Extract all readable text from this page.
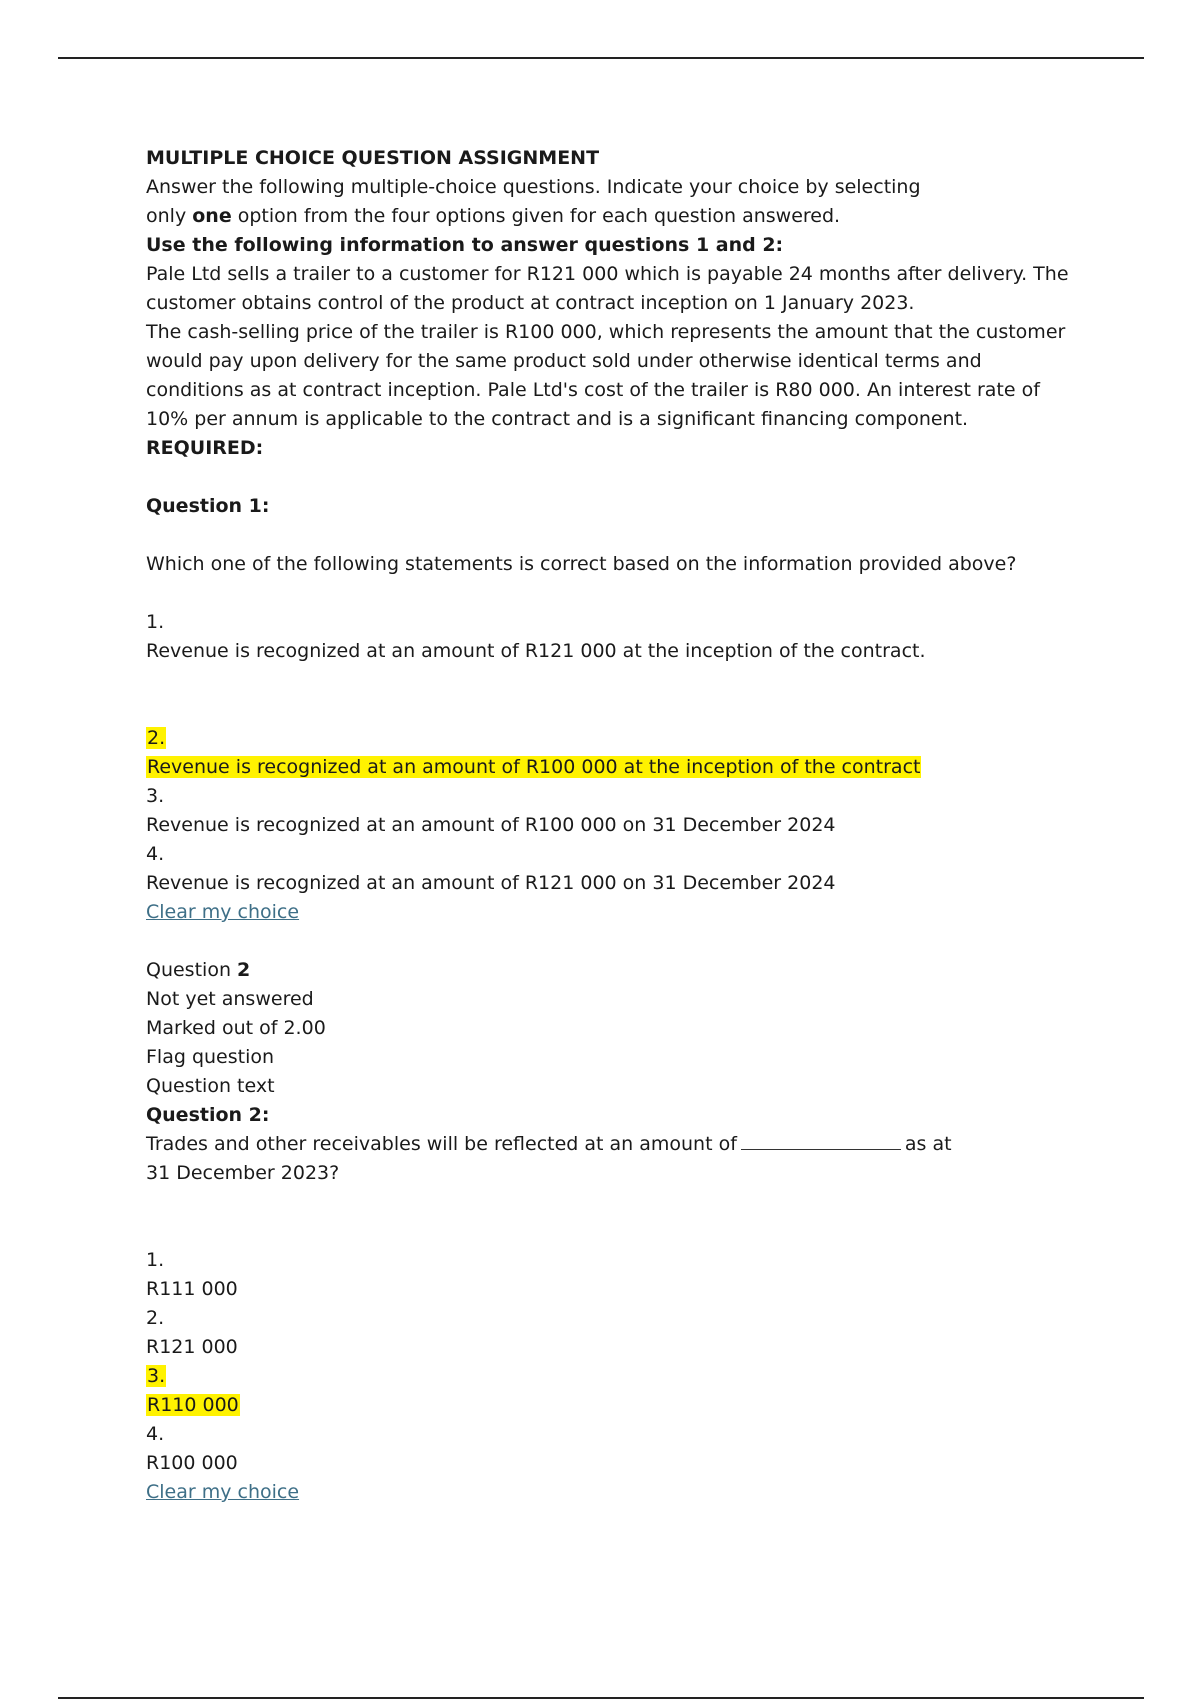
MULTIPLE CHOICE QUESTION ASSIGNMENT

Answer the following multiple-choice questions. Indicate your choice by selecting

only one option from the four options given for each question answered.

Use the following information to answer questions 1 and 2:

Pale Ltd sells a trailer to a customer for R121 000 which is payable 24 months after delivery. The

customer obtains control of the product at contract inception on 1 January 2023.

The cash-selling price of the trailer is R100 000, which represents the amount that the customer

would pay upon delivery for the same product sold under otherwise identical terms and

conditions as at contract inception. Pale Ltd's cost of the trailer is R80 000. An interest rate of

10% per annum is applicable to the contract and is a significant financing component.

REQUIRED:

Question 1:

Which one of the following statements is correct based on the information provided above?

1.

Revenue is recognized at an amount of R121 000 at the inception of the contract.

2.

Revenue is recognized at an amount of R100 000 at the inception of the contract

3.

Revenue is recognized at an amount of R100 000 on 31 December 2024

4.

Revenue is recognized at an amount of R121 000 on 31 December 2024

Clear my choice

Question 2

Not yet answered

Marked out of 2.00

Flag question

Question text

Question 2:

Trades and other receivables will be reflected at an amount of	as at

31 December 2023?

1.

R111 000

2.

R121 000

3.

R110 000

4.

R100 000

Clear my choice
